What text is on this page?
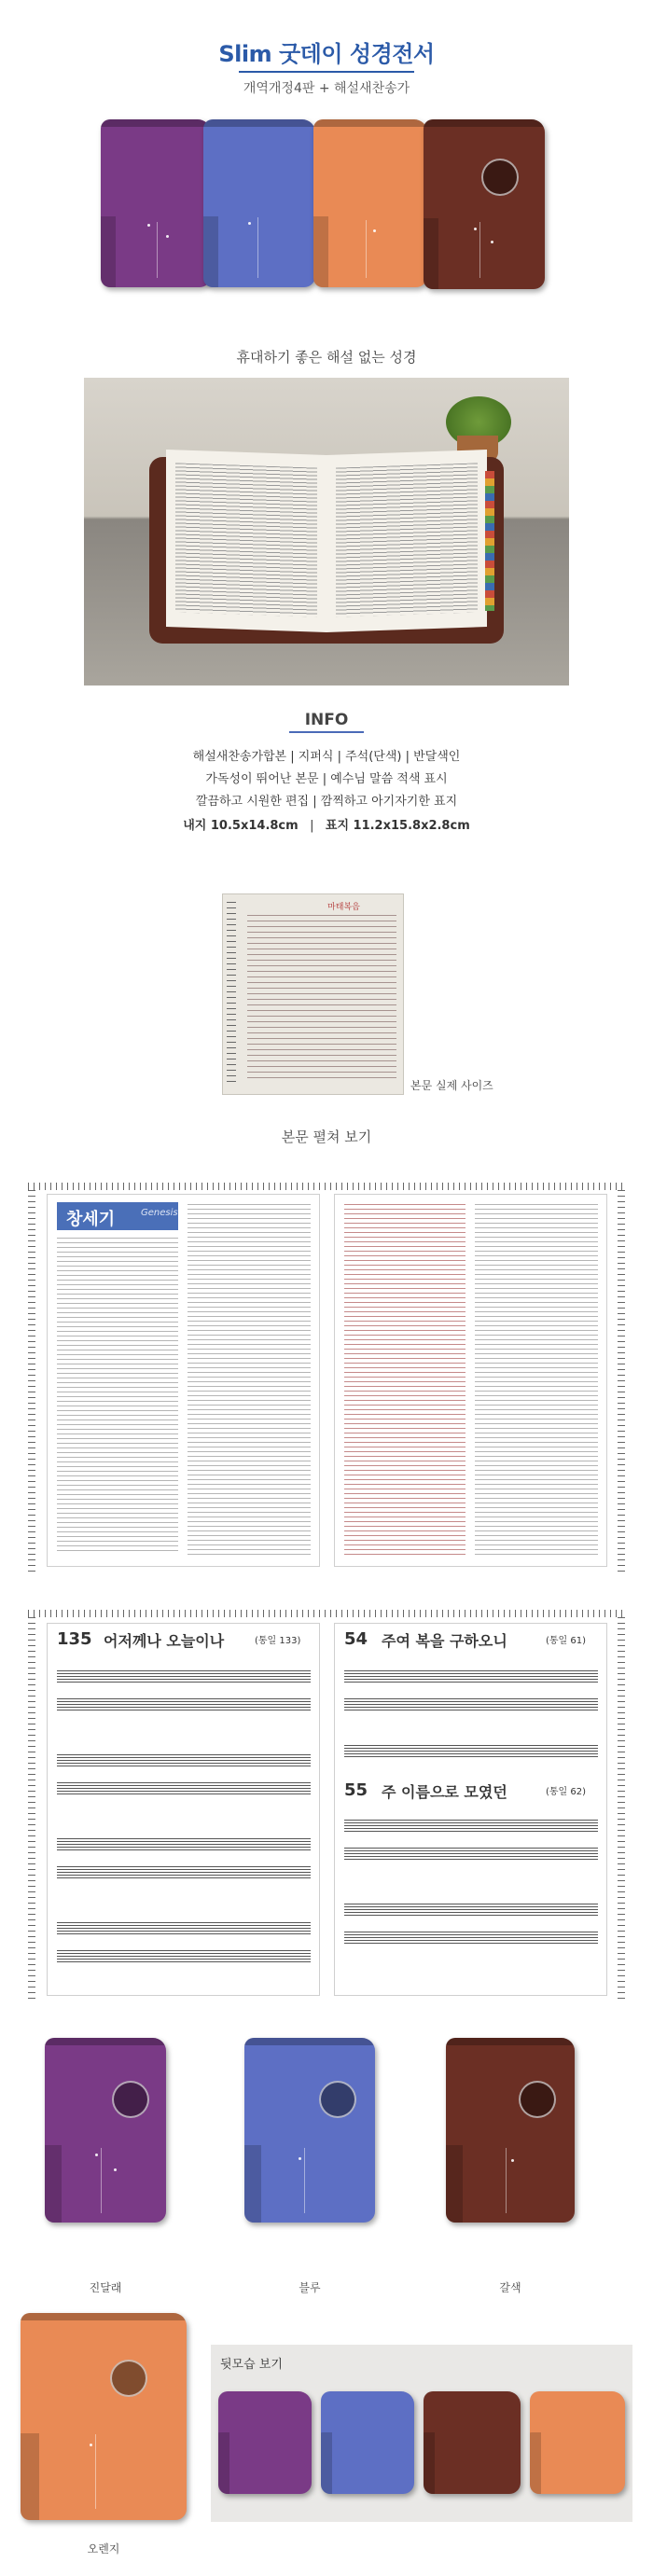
Slim 굿데이 성경전서
개역개정4판 + 해설새찬송가
휴대하기 좋은 해설 없는 성경
INFO
해설새찬송가합본 | 지퍼식 | 주석(단색) | 반달색인
가독성이 뛰어난 본문 | 예수님 말씀 적색 표시
깔끔하고 시원한 편집 | 깜찍하고 아기자기한 표지
내지 10.5x14.8cm | 표지 11.2x15.8x2.8cm
마태복음
본문 실제 사이즈
본문 펼쳐 보기
창세기	Genesis
135 어저께나 오늘이나	(통일 133)	54 주여 복을 구하오니	(통일 61)
55 주 이름으로 모였던	(통일 62)
진달래	블루	갈색
오렌지
뒷모습 보기
